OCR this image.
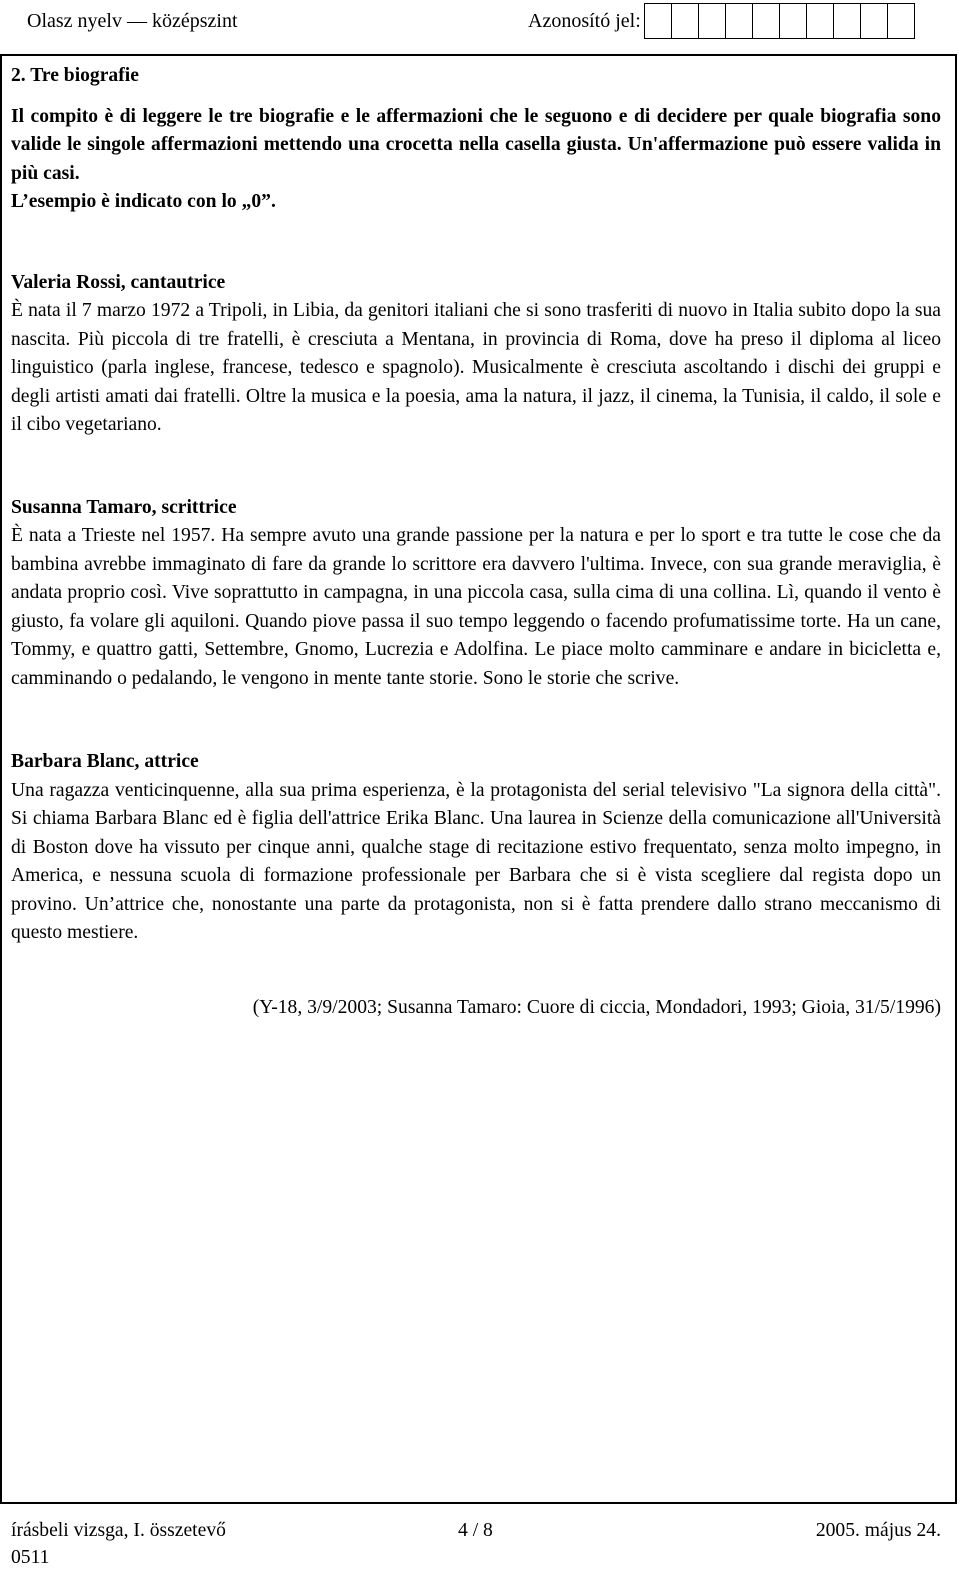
Olasz nyelv — középszint	Azonosító jel:
2. Tre biografie
Il compito è di leggere le tre biografie e le affermazioni che le seguono e di decidere per quale biografia sono valide le singole affermazioni mettendo una crocetta nella casella giusta. Un'affermazione può essere valida in più casi.
L’esempio è indicato con lo „0”.
Valeria Rossi, cantautrice
È nata il 7 marzo 1972 a Tripoli, in Libia, da genitori italiani che si sono trasferiti di nuovo in Italia subito dopo la sua nascita. Più piccola di tre fratelli, è cresciuta a Mentana, in provincia di Roma, dove ha preso il diploma al liceo linguistico (parla inglese, francese, tedesco e spagnolo). Musicalmente è cresciuta ascoltando i dischi dei gruppi e degli artisti amati dai fratelli. Oltre la musica e la poesia, ama la natura, il jazz, il cinema, la Tunisia, il caldo, il sole e il cibo vegetariano.
Susanna Tamaro, scrittrice
È nata a Trieste nel 1957. Ha sempre avuto una grande passione per la natura e per lo sport e tra tutte le cose che da bambina avrebbe immaginato di fare da grande lo scrittore era davvero l'ultima. Invece, con sua grande meraviglia, è andata proprio così. Vive soprattutto in campagna, in una piccola casa, sulla cima di una collina. Lì, quando il vento è giusto, fa volare gli aquiloni. Quando piove passa il suo tempo leggendo o facendo profumatissime torte. Ha un cane, Tommy, e quattro gatti, Settembre, Gnomo, Lucrezia e Adolfina. Le piace molto camminare e andare in bicicletta e, camminando o pedalando, le vengono in mente tante storie. Sono le storie che scrive.
Barbara Blanc, attrice
Una ragazza venticinquenne, alla sua prima esperienza, è la protagonista del serial televisivo "La signora della città". Si chiama Barbara Blanc ed è figlia dell'attrice Erika Blanc. Una laurea in Scienze della comunicazione all'Università di Boston dove ha vissuto per cinque anni, qualche stage di recitazione estivo frequentato, senza molto impegno, in America, e nessuna scuola di formazione professionale per Barbara che si è vista scegliere dal regista dopo un provino. Un’attrice che, nonostante una parte da protagonista, non si è fatta prendere dallo strano meccanismo di questo mestiere.
(Y-18, 3/9/2003; Susanna Tamaro: Cuore di ciccia, Mondadori, 1993; Gioia, 31/5/1996)
írásbeli vizsga, I. összetevő	4 / 8	2005. május 24.
0511
